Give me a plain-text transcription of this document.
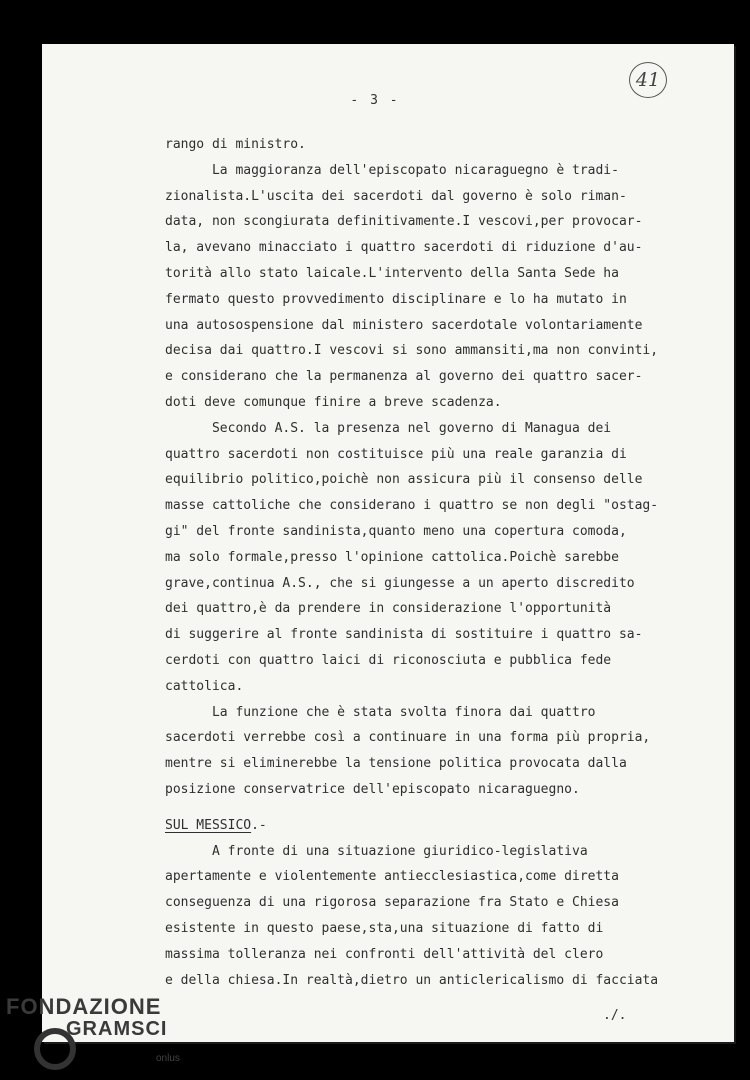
41
- 3 -
rango di ministro.
La maggioranza dell'episcopato nicaraguegno è tradi-
zionalista.L'uscita dei sacerdoti dal governo è solo riman-
data, non scongiurata definitivamente.I vescovi,per provocar-
la, avevano minacciato i quattro sacerdoti di riduzione d'au-
torità allo stato laicale.L'intervento della Santa Sede ha
fermato questo provvedimento disciplinare e lo ha mutato in
una autosospensione dal ministero sacerdotale volontariamente
decisa dai quattro.I vescovi si sono ammansiti,ma non convinti,
e considerano che la permanenza al governo dei quattro sacer-
doti deve comunque finire a breve scadenza.
Secondo A.S. la presenza nel governo di Managua dei
quattro sacerdoti non costituisce più una reale garanzia di
equilibrio politico,poichè non assicura più il consenso delle
masse cattoliche che considerano i quattro se non degli "ostag-
gi" del fronte sandinista,quanto meno una copertura comoda,
ma solo formale,presso l'opinione cattolica.Poichè sarebbe
grave,continua A.S., che si giungesse a un aperto discredito
dei quattro,è da prendere in considerazione l'opportunità
di suggerire al fronte sandinista di sostituire i quattro sa-
cerdoti con quattro laici di riconosciuta e pubblica fede
cattolica.
La funzione che è stata svolta finora dai quattro
sacerdoti verrebbe così a continuare in una forma più propria,
mentre si eliminerebbe la tensione politica provocata dalla
posizione conservatrice dell'episcopato nicaraguegno.
SUL MESSICO.-
A fronte di una situazione giuridico-legislativa
apertamente e violentemente antiecclesiastica,come diretta
conseguenza di una rigorosa separazione fra Stato e Chiesa
esistente in questo paese,sta,una situazione di fatto di
massima tolleranza nei confronti dell'attività del clero
e della chiesa.In realtà,dietro un anticlericalismo di facciata
./.
FONDAZIONE
GRAMSCI
onlus
